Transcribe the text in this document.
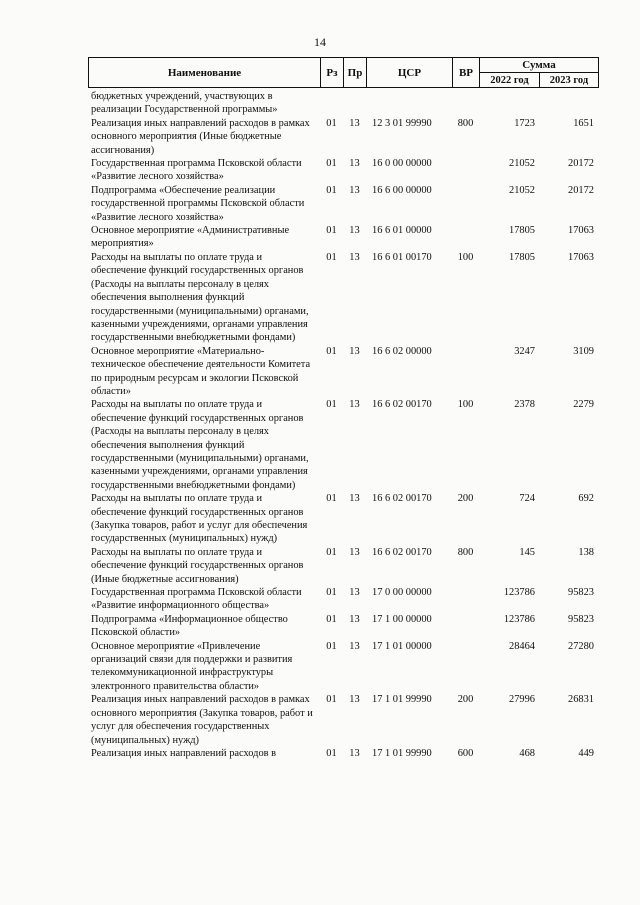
14
Наименование	Рз	Пр	ЦСР	ВР	Сумма	
					2022 год	2023 год
бюджетных учреждений, участвующих в реализации Государственной программы»						
Реализация иных направлений расходов в рамках основного мероприятия (Иные бюджетные ассигнования)	01	13	12 3 01 99990	800	1723	1651
Государственная программа Псковской области «Развитие лесного хозяйства»	01	13	16 0 00 00000		21052	20172
Подпрограмма «Обеспечение реализации государственной программы Псковской области «Развитие лесного хозяйства»	01	13	16 6 00 00000		21052	20172
Основное мероприятие «Административные мероприятия»	01	13	16 6 01 00000		17805	17063
Расходы на выплаты по оплате труда и обеспечение функций государственных органов (Расходы на выплаты персоналу в целях обеспечения выполнения функций государственными (муниципальными) органами, казенными учреждениями, органами управления государственными внебюджетными фондами)	01	13	16 6 01 00170	100	17805	17063
Основное мероприятие «Материально-техническое обеспечение деятельности Комитета по природным ресурсам и экологии Псковской области»	01	13	16 6 02 00000		3247	3109
Расходы на выплаты по оплате труда и обеспечение функций государственных органов (Расходы на выплаты персоналу в целях обеспечения выполнения функций государственными (муниципальными) органами, казенными учреждениями, органами управления государственными внебюджетными фондами)	01	13	16 6 02 00170	100	2378	2279
Расходы на выплаты по оплате труда и обеспечение функций государственных органов (Закупка товаров, работ и услуг для обеспечения государственных (муниципальных) нужд)	01	13	16 6 02 00170	200	724	692
Расходы на выплаты по оплате труда и обеспечение функций государственных органов (Иные бюджетные ассигнования)	01	13	16 6 02 00170	800	145	138
Государственная программа Псковской области «Развитие информационного общества»	01	13	17 0 00 00000		123786	95823
Подпрограмма «Информационное общество Псковской области»	01	13	17 1 00 00000		123786	95823
Основное мероприятие «Привлечение организаций связи для поддержки и развития телекоммуникационной инфраструктуры электронного правительства области»	01	13	17 1 01 00000		28464	27280
Реализация иных направлений расходов в рамках основного мероприятия (Закупка товаров, работ и услуг для обеспечения государственных (муниципальных) нужд)	01	13	17 1 01 99990	200	27996	26831
Реализация иных направлений расходов в	01	13	17 1 01 99990	600	468	449
